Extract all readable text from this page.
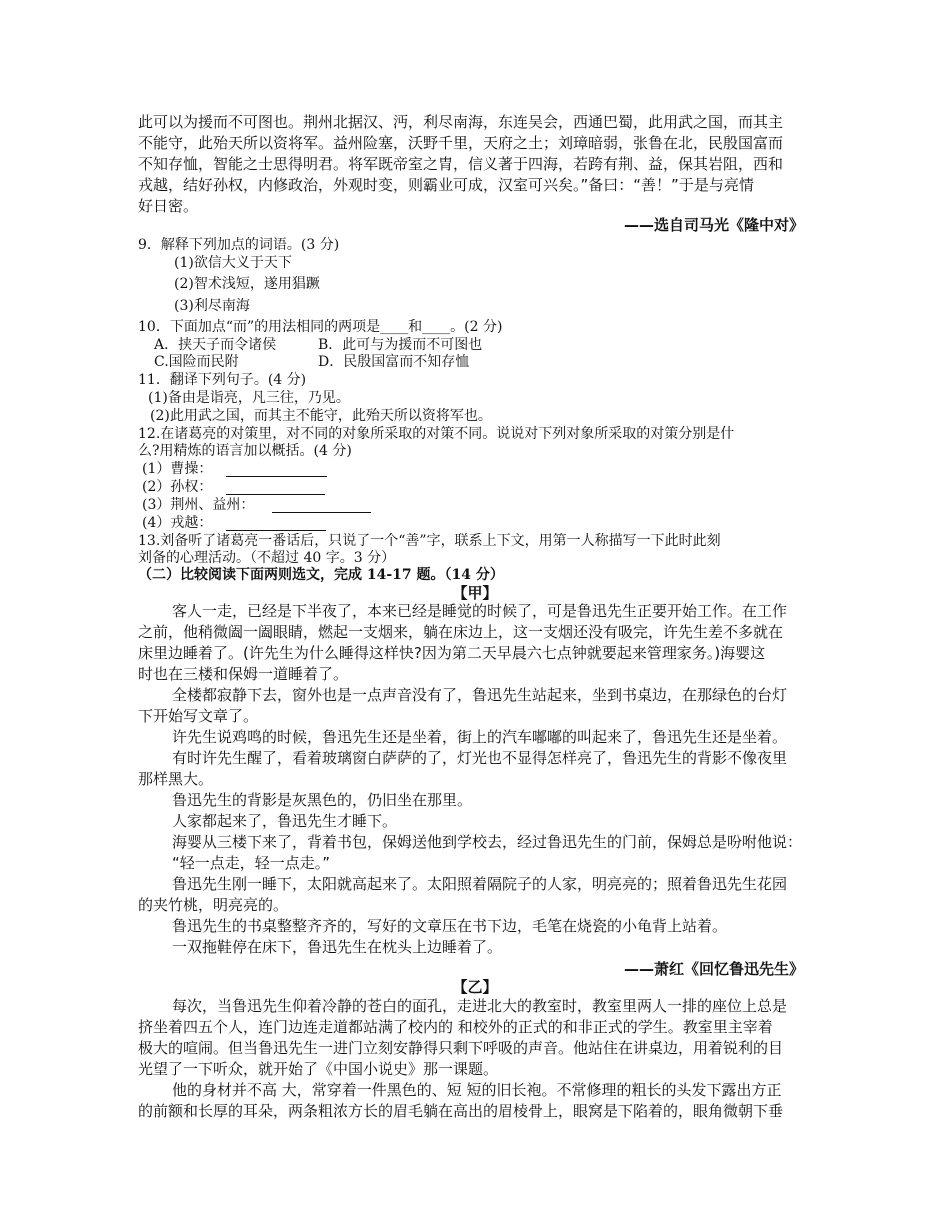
此可以为援而不可图也。荆州北据汉、沔，利尽南海，东连吴会，西通巴蜀，此用武之国，而其主
不能守，此殆天所以资将军。益州险塞，沃野千里，天府之土；刘璋暗弱，张鲁在北，民殷国富而
不知存恤，智能之士思得明君。将军既帝室之胄，信义著于四海，若跨有荆、益，保其岩阻，西和
戎越，结好孙权，内修政治，外观时变，则霸业可成，汉室可兴矣。”备曰：“善！”于是与亮情
好日密。
——选自司马光《隆中对》
9．解释下列加点的词语。(3 分)
(1)欲信大义于天下
(2)智术浅短，遂用猖蹶
(3)利尽南海
10．下面加点“而”的用法相同的两项是____和____。(2 分)
A．挟天子而令诸侯	B．此可与为援而不可图也
C.国险而民附	D．民殷国富而不知存恤
11．翻译下列句子。(4 分)
(1)备由是诣亮，凡三往，乃见。
(2)此用武之国，而其主不能守，此殆天所以资将军也。
12.在诸葛亮的对策里，对不同的对象所采取的对策不同。说说对下列对象所采取的对策分别是什
么?用精炼的语言加以概括。(4 分)
(1）曹操：
(2）孙权：
(3）荆州、益州：
(4）戎越：
13.刘备听了诸葛亮一番话后，只说了一个“善”字，联系上下文，用第一人称描写一下此时此刻
刘备的心理活动。（不超过 40 字。3 分）
（二）比较阅读下面两则选文，完成 14-17 题。（14 分）
【甲】
客人一走，已经是下半夜了，本来已经是睡觉的时候了，可是鲁迅先生正要开始工作。在工作
之前，他稍微阖一阖眼睛，燃起一支烟来，躺在床边上，这一支烟还没有吸完，许先生差不多就在
床里边睡着了。(许先生为什么睡得这样快?因为第二天早晨六七点钟就要起来管理家务。)海婴这
时也在三楼和保姆一道睡着了。
全楼都寂静下去，窗外也是一点声音没有了，鲁迅先生站起来，坐到书桌边，在那绿色的台灯
下开始写文章了。
许先生说鸡鸣的时候，鲁迅先生还是坐着，街上的汽车嘟嘟的叫起来了，鲁迅先生还是坐着。
有时许先生醒了，看着玻璃窗白萨萨的了，灯光也不显得怎样亮了，鲁迅先生的背影不像夜里
那样黑大。
鲁迅先生的背影是灰黑色的，仍旧坐在那里。
人家都起来了，鲁迅先生才睡下。
海婴从三楼下来了，背着书包，保姆送他到学校去，经过鲁迅先生的门前，保姆总是吩咐他说：
“轻一点走，轻一点走。”
鲁迅先生刚一睡下，太阳就高起来了。太阳照着隔院子的人家，明亮亮的；照着鲁迅先生花园
的夹竹桃，明亮亮的。
鲁迅先生的书桌整整齐齐的，写好的文章压在书下边，毛笔在烧瓷的小龟背上站着。
一双拖鞋停在床下，鲁迅先生在枕头上边睡着了。
——萧红《回忆鲁迅先生》
【乙】
每次，当鲁迅先生仰着冷静的苍白的面孔，走进北大的教室时，教室里两人一排的座位上总是
挤坐着四五个人，连门边连走道都站满了校内的 和校外的正式的和非正式的学生。教室里主宰着
极大的喧闹。但当鲁迅先生一进门立刻安静得只剩下呼吸的声音。他站住在讲桌边，用着锐利的目
光望了一下听众，就开始了《中国小说史》那一课题。
他的身材并不高 大，常穿着一件黑色的、短 短的旧长袍。不常修理的粗长的头发下露出方正
的前额和长厚的耳朵，两条粗浓方长的眉毛躺在高出的眉棱骨上，眼窝是下陷着的，眼角微朝下垂
